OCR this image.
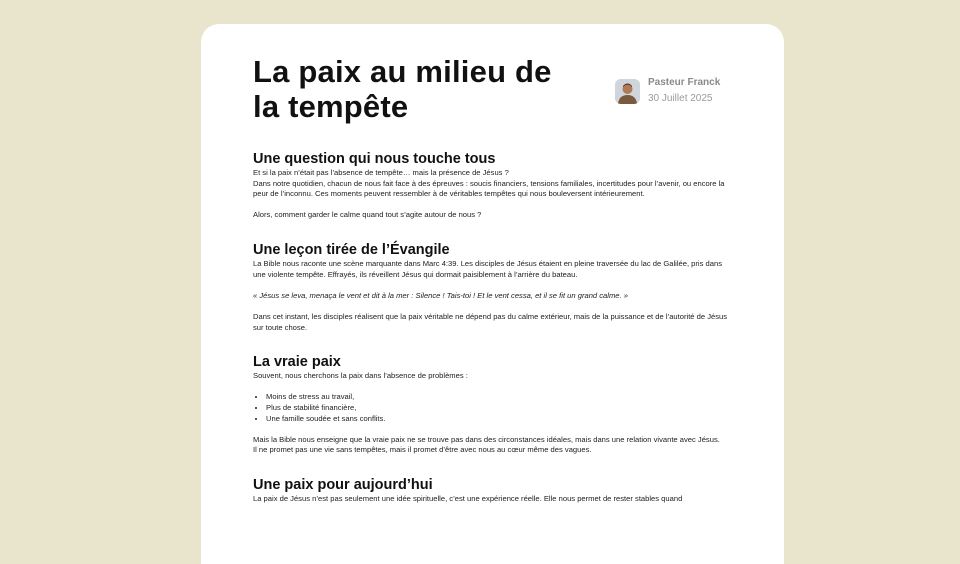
La paix au milieu de la tempête
Pasteur Franck
30 Juillet 2025
Une question qui nous touche tous

Et si la paix n’était pas l’absence de tempête… mais la présence de Jésus ?

Dans notre quotidien, chacun de nous fait face à des épreuves : soucis financiers, tensions familiales, incertitudes pour l’avenir, ou encore la peur de l’inconnu. Ces moments peuvent ressembler à de véritables tempêtes qui nous bouleversent intérieurement.

Alors, comment garder le calme quand tout s’agite autour de nous ?

Une leçon tirée de l’Évangile

La Bible nous raconte une scène marquante dans Marc 4:39. Les disciples de Jésus étaient en pleine traversée du lac de Galilée, pris dans une violente tempête. Effrayés, ils réveillent Jésus qui dormait paisiblement à l’arrière du bateau.

« Jésus se leva, menaça le vent et dit à la mer : Silence ! Tais-toi ! Et le vent cessa, et il se fit un grand calme. »

Dans cet instant, les disciples réalisent que la paix véritable ne dépend pas du calme extérieur, mais de la puissance et de l’autorité de Jésus sur toute chose.

La vraie paix

Souvent, nous cherchons la paix dans l’absence de problèmes :

• Moins de stress au travail,
• Plus de stabilité financière,
• Une famille soudée et sans conflits.

Mais la Bible nous enseigne que la vraie paix ne se trouve pas dans des circonstances idéales, mais dans une relation vivante avec Jésus.

Il ne promet pas une vie sans tempêtes, mais il promet d’être avec nous au cœur même des vagues.

Une paix pour aujourd’hui

La paix de Jésus n’est pas seulement une idée spirituelle, c’est une expérience réelle. Elle nous permet de rester stables quand
